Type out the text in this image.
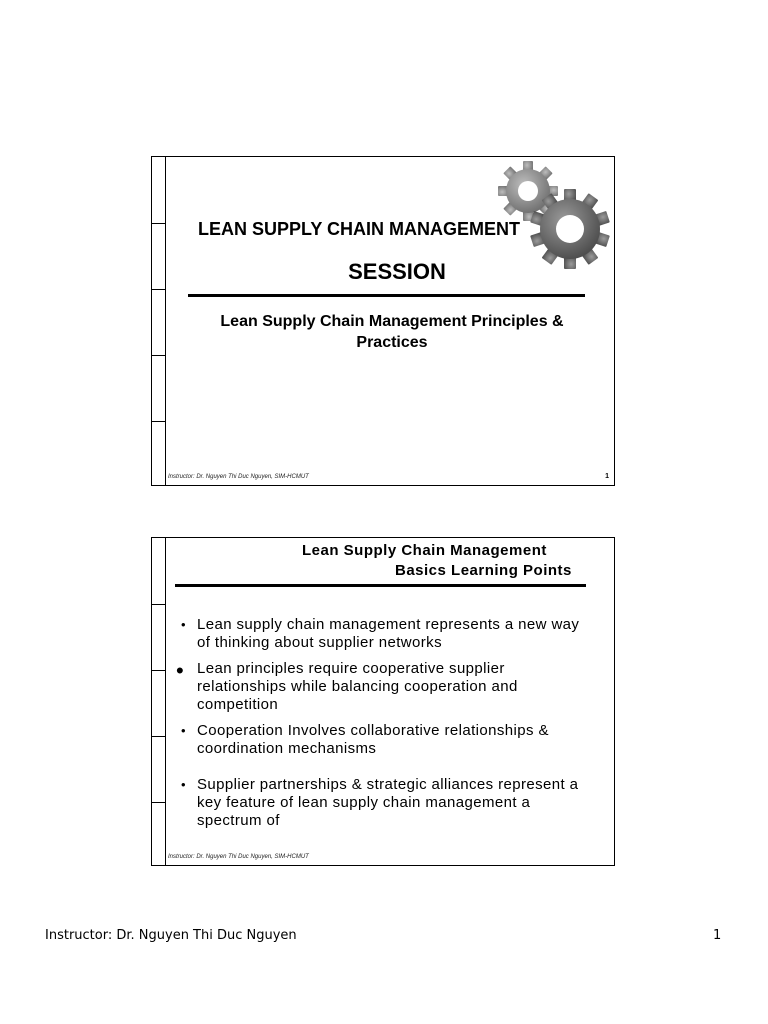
LEAN SUPPLY CHAIN MANAGEMENT
SESSION
Lean Supply Chain Management Principles &
Practices
Instructor: Dr. Nguyen Thi Duc Nguyen, SIM-HCMUT	1
Lean Supply Chain Management
Basics Learning Points
• Lean supply chain management represents a new way of thinking about supplier networks
• Lean principles require cooperative supplier relationships while balancing cooperation and competition
• Cooperation Involves collaborative relationships & coordination mechanisms
• Supplier partnerships & strategic alliances represent a key feature of lean supply chain management a spectrum of
Instructor: Dr. Nguyen Thi Duc Nguyen, SIM-HCMUT
Instructor: Dr. Nguyen Thi Duc Nguyen	1
